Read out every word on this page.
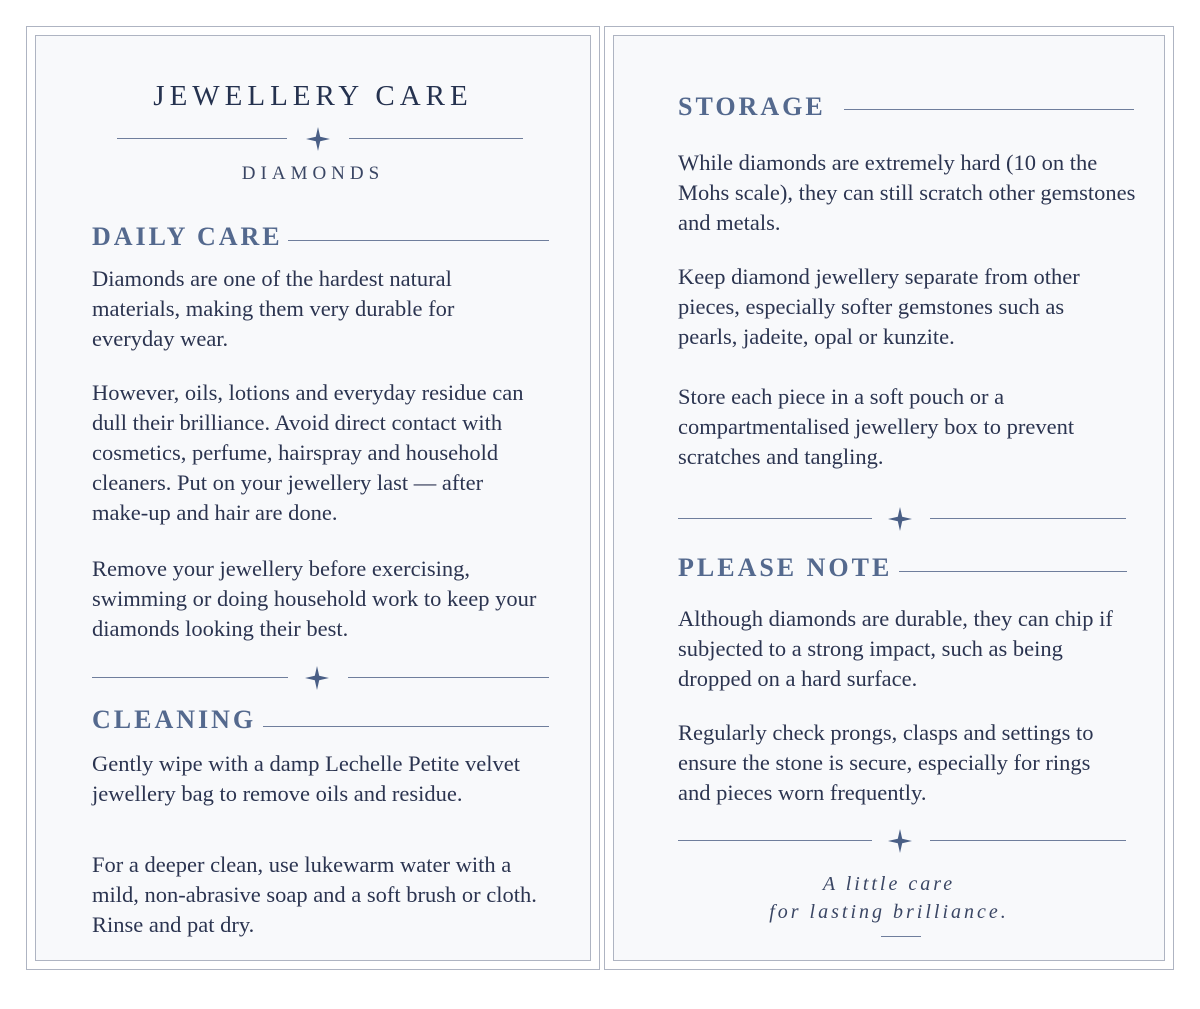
JEWELLERY CARE
DIAMONDS
DAILY CARE
Diamonds are one of the hardest natural materials, making them very durable for everyday wear.
However, oils, lotions and everyday residue can dull their brilliance. Avoid direct contact with cosmetics, perfume, hairspray and household cleaners. Put on your jewellery last — after make-up and hair are done.
Remove your jewellery before exercising, swimming or doing household work to keep your diamonds looking their best.
CLEANING
Gently wipe with a damp Lechelle Petite velvet jewellery bag to remove oils and residue.
For a deeper clean, use lukewarm water with a mild, non-abrasive soap and a soft brush or cloth. Rinse and pat dry.
STORAGE
While diamonds are extremely hard (10 on the Mohs scale), they can still scratch other gemstones and metals.
Keep diamond jewellery separate from other pieces, especially softer gemstones such as pearls, jadeite, opal or kunzite.
Store each piece in a soft pouch or a compartmentalised jewellery box to prevent scratches and tangling.
PLEASE NOTE
Although diamonds are durable, they can chip if subjected to a strong impact, such as being dropped on a hard surface.
Regularly check prongs, clasps and settings to ensure the stone is secure, especially for rings and pieces worn frequently.
A little care
for lasting brilliance.
